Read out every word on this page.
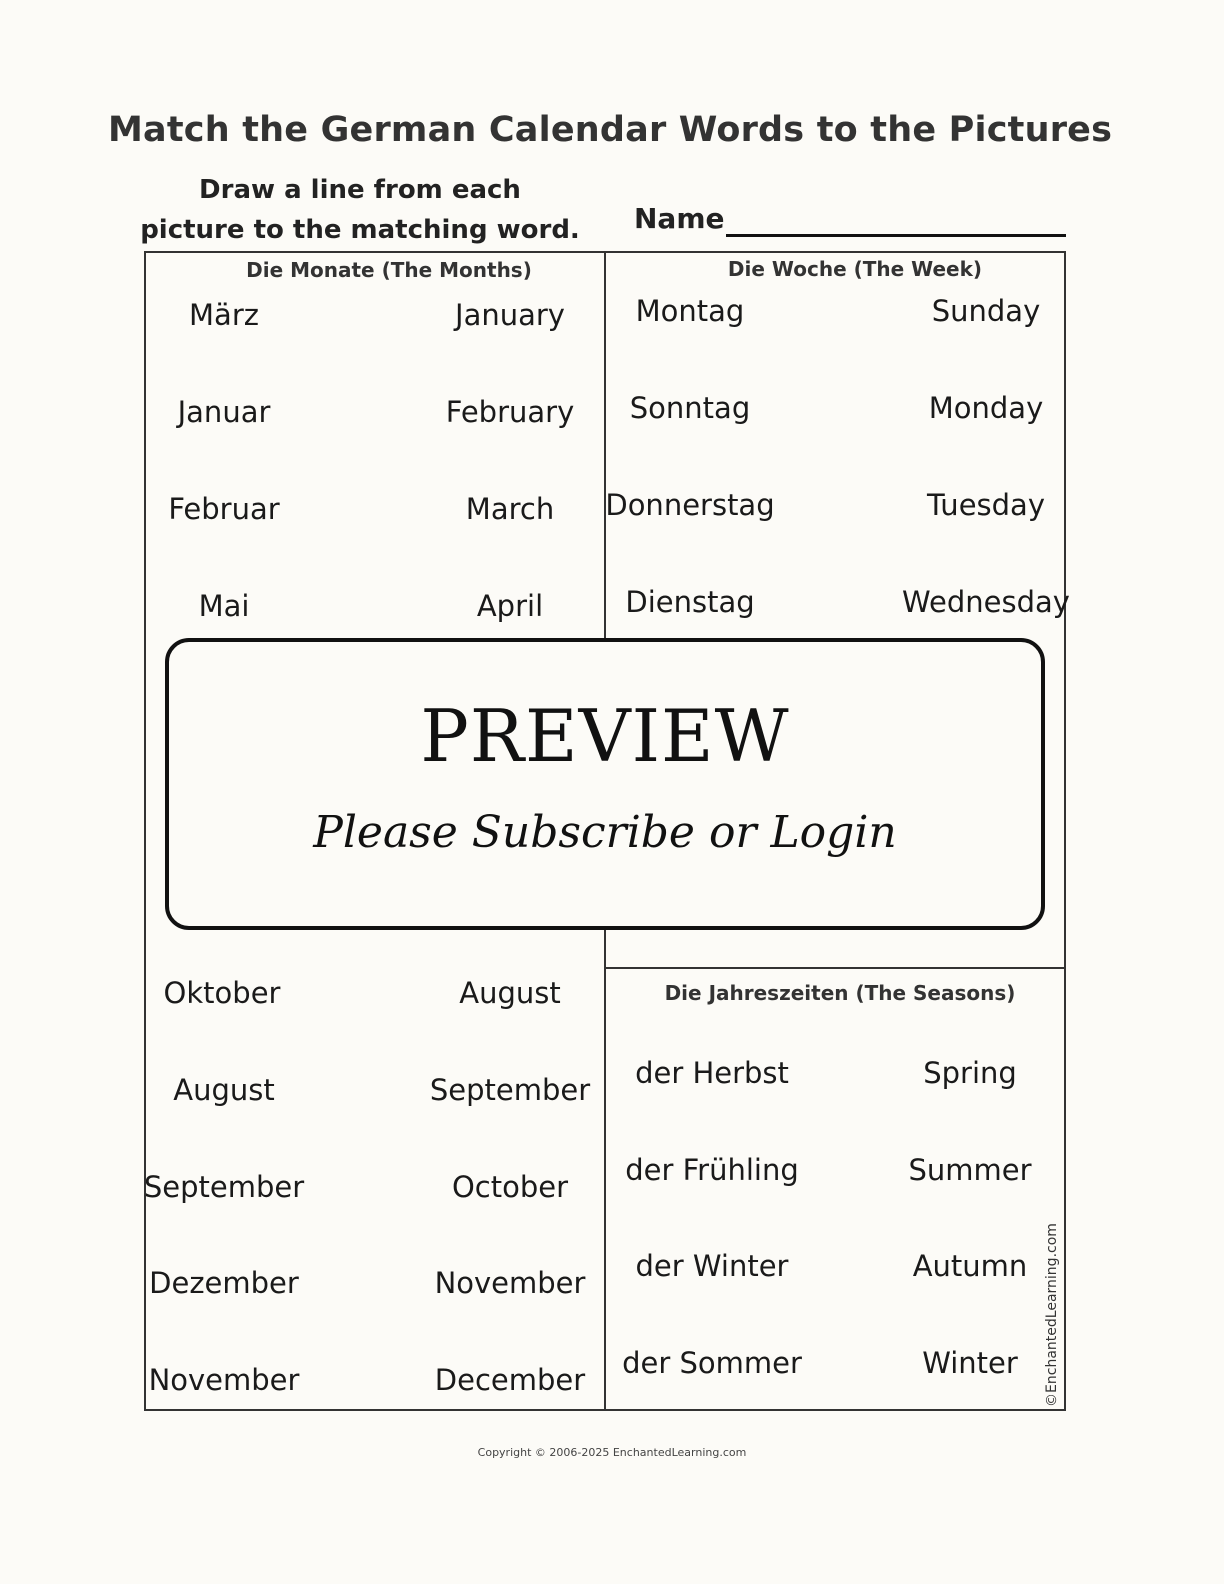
Match the German Calendar Words to the Pictures
Draw a line from each
picture to the matching word. Name
Die Monate (The Months)
März
Januar
Februar
Mai
January
February
March
April
Oktober
August
September
Dezember
November
August
September
October
November
December
Die Woche (The Week)
Montag
Sonntag
Donnerstag
Dienstag
Sunday
Monday
Tuesday
Wednesday
Die Jahreszeiten (The Seasons)
der Herbst
der Frühling
der Winter
der Sommer
Spring
Summer
Autumn
Winter	©EnchantedLearning.com
PREVIEW
Please Subscribe or Login
Copyright © 2006-2025 EnchantedLearning.com
